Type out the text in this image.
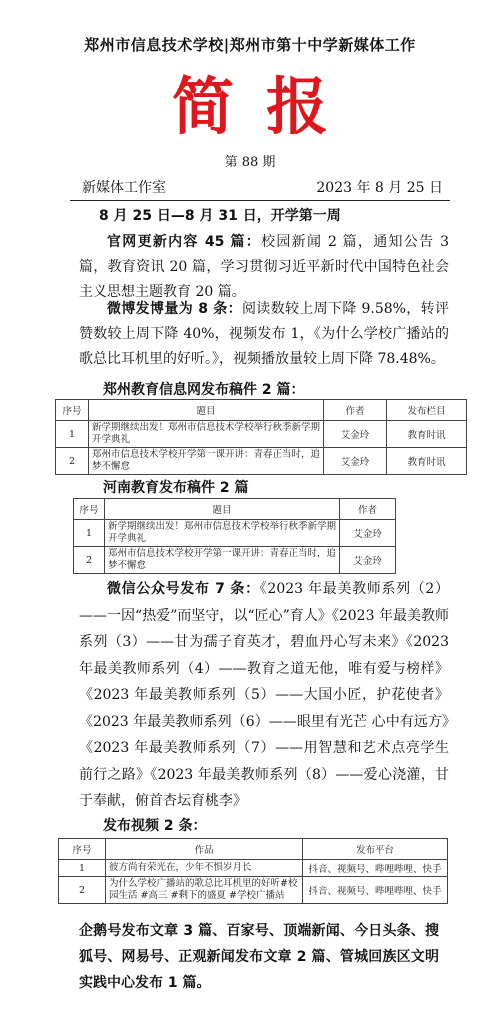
郑州市信息技术学校|郑州市第十中学新媒体工作
简报
第 88 期
新媒体工作室	2023 年 8 月 25 日
8 月 25 日—8 月 31 日，开学第一周
官网更新内容 45 篇：校园新闻 2 篇，通知公告 3 篇，教育资讯 20 篇，学习贯彻习近平新时代中国特色社会主义思想主题教育 20 篇。
微博发博量为 8 条：阅读数较上周下降 9.58%，转评赞数较上周下降 40%，视频发布 1，《为什么学校广播站的歌总比耳机里的好听。》，视频播放量较上周下降 78.48%。
郑州教育信息网发布稿件 2 篇：
序号	题目	作者	发布栏目
1	新学期继续出发！郑州市信息技术学校举行秋季新学期开学典礼	艾金玲	教育时讯
2	郑州市信息技术学校开学第一课开讲：青春正当时，追梦不懈怠	艾金玲	教育时讯
河南教育发布稿件 2 篇
序号	题目	作者
1	新学期继续出发！郑州市信息技术学校举行秋季新学期开学典礼	艾金玲
2	郑州市信息技术学校开学第一课开讲：青春正当时，追梦不懈怠	艾金玲
微信公众号发布 7 条：《2023 年最美教师系列（2）——一因“热爱”而坚守，以“匠心”育人》《2023 年最美教师系列（3）——甘为孺子育英才，碧血丹心写未来》《2023 年最美教师系列（4）——教育之道无他，唯有爱与榜样》《2023 年最美教师系列（5）——大国小匠，护花使者》《2023 年最美教师系列（6）——眼里有光芒 心中有远方》《2023 年最美教师系列（7）——用智慧和艺术点亮学生前行之路》《2023 年最美教师系列（8）——爱心浇灌，甘于奉献，俯首杏坛育桃李》
发布视频 2 条：
序号	作品	发布平台
1	彼方尚有荣光在，少年不惧岁月长	抖音、视频号、哔哩哔哩、快手
2	为什么学校广播站的歌总比耳机里的好听#校园生活 #高三 #剩下的盛夏 #学校广播站	抖音、视频号、哔哩哔哩、快手
企鹅号发布文章 3 篇、百家号、顶端新闻、今日头条、搜狐号、网易号、正观新闻发布文章 2 篇、管城回族区文明实践中心发布 1 篇。
